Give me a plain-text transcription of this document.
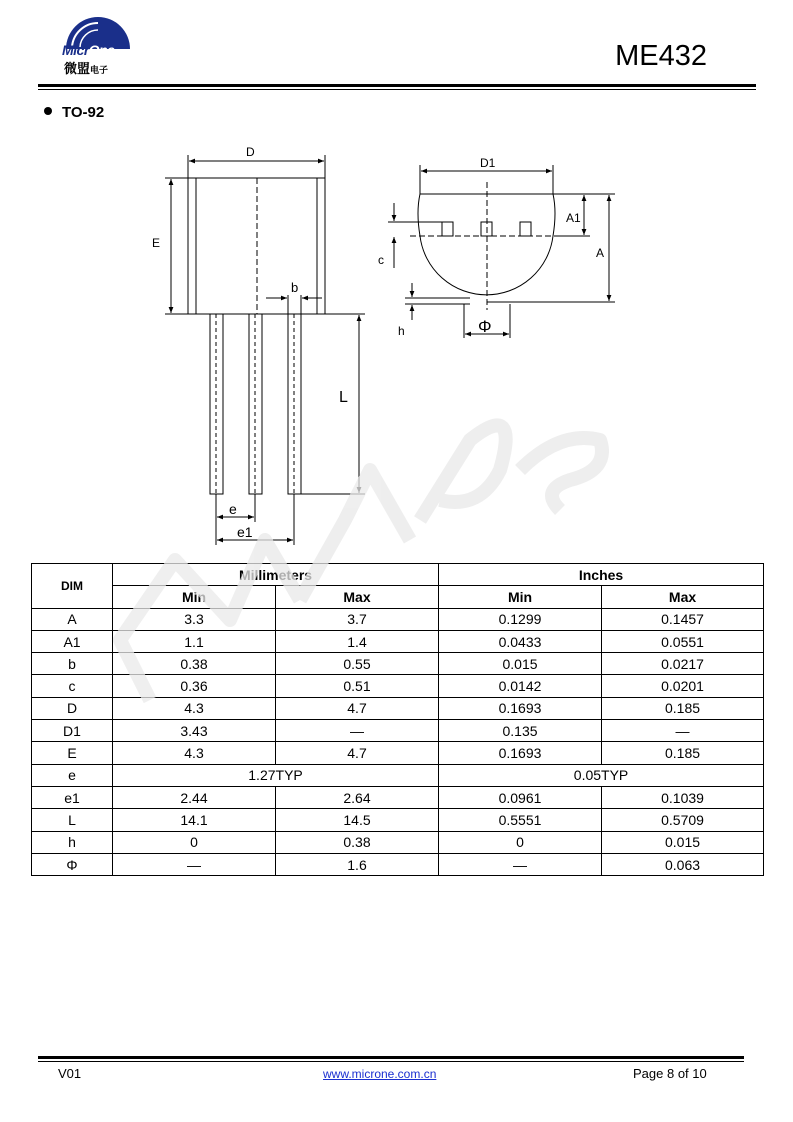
MicrOne
微盟电子	ME432
TO-92
D
E
b
L
e
e1
D1
A1
A
c
h	Φ
DIM	Millimeters		Inches	
	Min	Max	Min	Max
A	3.3	3.7	0.1299	0.1457
A1	1.1	1.4	0.0433	0.0551
b	0.38	0.55	0.015	0.0217
c	0.36	0.51	0.0142	0.0201
D	4.3	4.7	0.1693	0.185
D1	3.43	—	0.135	—
E	4.3	4.7	0.1693	0.185
e	1.27TYP		0.05TYP	
e1	2.44	2.64	0.0961	0.1039
L	14.1	14.5	0.5551	0.5709
h	0	0.38	0	0.015
Φ	—	1.6	—	0.063
V01	www.microne.com.cn	Page 8 of 10
